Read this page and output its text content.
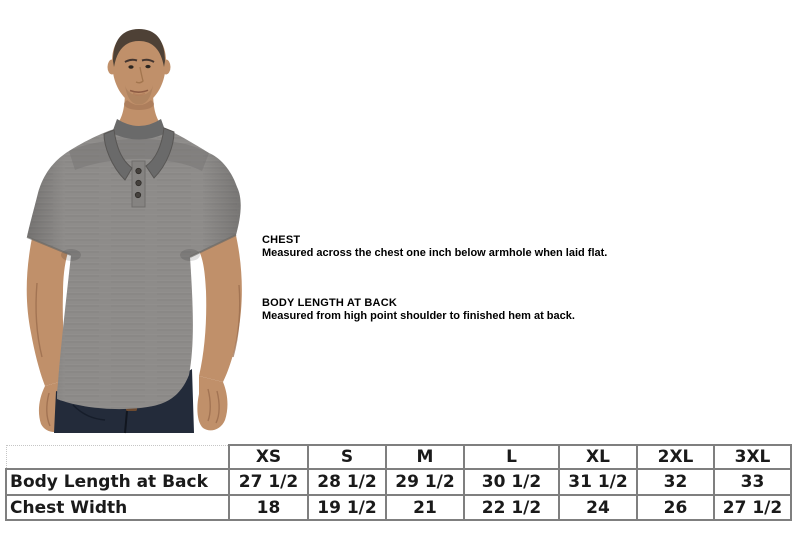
CHEST
Measured across the chest one inch below armhole when laid flat.
BODY LENGTH AT BACK
Measured from high point shoulder to finished hem at back.
	XS	S	M	L	XL	2XL	3XL
Body Length at Back	27 1/2	28 1/2	29 1/2	30 1/2	31 1/2	32	33
Chest Width	18	19 1/2	21	22 1/2	24	26	27 1/2
